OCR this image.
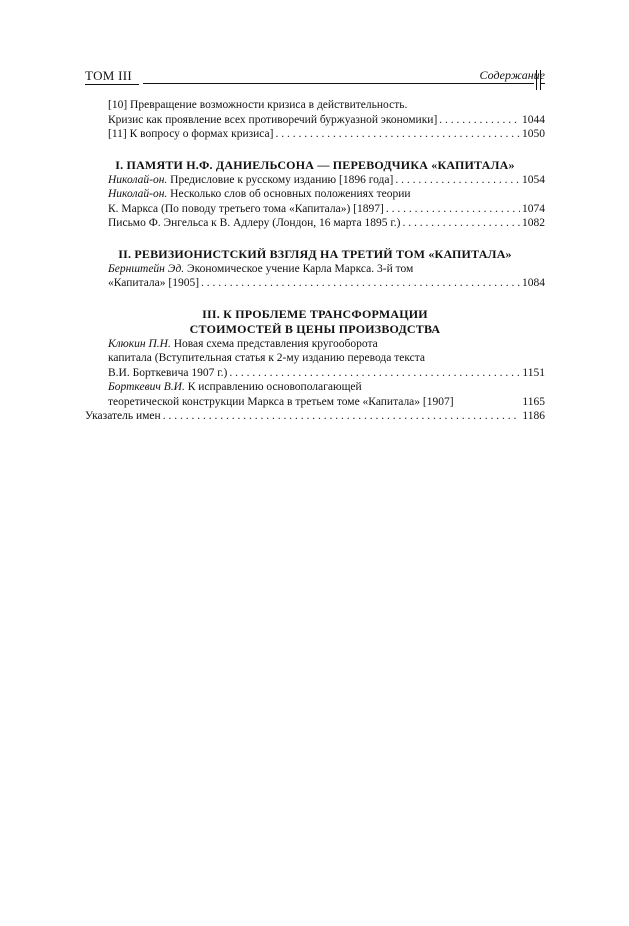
ТОМ III	Содержание
[10] Превращение возможности кризиса в действительность.
Кризис как проявление всех противоречий буржуазной экономики] . . .	1044
[11] К вопросу о формах кризиса] . . .	1050
I. ПАМЯТИ Н.Ф. ДАНИЕЛЬСОНА — ПЕРЕВОДЧИКА «КАПИТАЛА»
Николай-он. Предисловие к русскому изданию [1896 года] . . .	1054
Николай-он. Несколько слов об основных положениях теории
К. Маркса (По поводу третьего тома «Капитала») [1897] . . .	1074
Письмо Ф. Энгельса к В. Адлеру (Лондон, 16 марта 1895 г.) . . .	1082
II. РЕВИЗИОНИСТСКИЙ ВЗГЛЯД НА ТРЕТИЙ ТОМ «КАПИТАЛА»
Бернштейн Эд. Экономическое учение Карла Маркса. 3-й том
«Капитала» [1905] . . .	1084
III. К ПРОБЛЕМЕ ТРАНСФОРМАЦИИ
СТОИМОСТЕЙ В ЦЕНЫ ПРОИЗВОДСТВА
Клюкин П.Н. Новая схема представления кругооборота
капитала (Вступительная статья к 2-му изданию перевода текста
В.И. Борткевича 1907 г.) . . .	1151
Борткевич В.И. К исправлению основополагающей
теоретической конструкции Маркса в третьем томе «Капитала» [1907]	1165
Указатель имен . . .	1186
